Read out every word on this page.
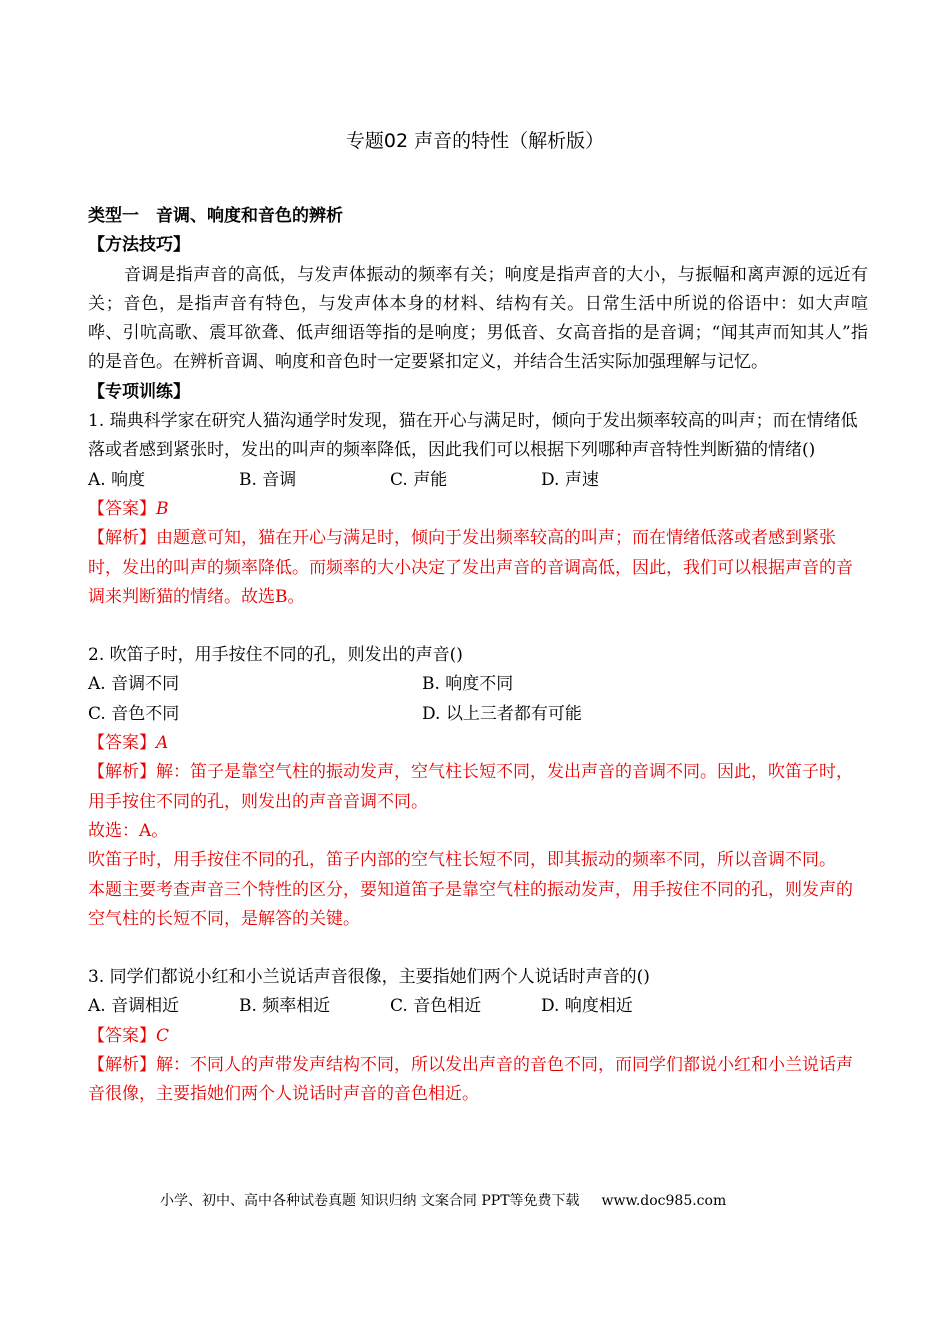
专题02 声音的特性（解析版）
类型一　音调、响度和音色的辨析
【方法技巧】
音调是指声音的高低，与发声体振动的频率有关；响度是指声音的大小，与振幅和离声源的远近有关；音色，是指声音有特色，与发声体本身的材料、结构有关。日常生活中所说的俗语中：如大声喧哗、引吭高歌、震耳欲聋、低声细语等指的是响度；男低音、女高音指的是音调；“闻其声而知其人”指的是音色。在辨析音调、响度和音色时一定要紧扣定义，并结合生活实际加强理解与记忆。
【专项训练】
1. 瑞典科学家在研究人猫沟通学时发现，猫在开心与满足时，倾向于发出频率较高的叫声；而在情绪低落或者感到紧张时，发出的叫声的频率降低，因此我们可以根据下列哪种声音特性判断猫的情绪()
A. 响度	B. 音调	C. 声能	D. 声速
【答案】B
【解析】由题意可知，猫在开心与满足时，倾向于发出频率较高的叫声；而在情绪低落或者感到紧张时，发出的叫声的频率降低。而频率的大小决定了发出声音的音调高低，因此，我们可以根据声音的音调来判断猫的情绪。故选B。
2. 吹笛子时，用手按住不同的孔，则发出的声音()
A. 音调不同	B. 响度不同
C. 音色不同	D. 以上三者都有可能
【答案】A
【解析】解：笛子是靠空气柱的振动发声，空气柱长短不同，发出声音的音调不同。因此，吹笛子时，用手按住不同的孔，则发出的声音音调不同。
故选：A。
吹笛子时，用手按住不同的孔，笛子内部的空气柱长短不同，即其振动的频率不同，所以音调不同。
本题主要考查声音三个特性的区分，要知道笛子是靠空气柱的振动发声，用手按住不同的孔，则发声的空气柱的长短不同，是解答的关键。
3. 同学们都说小红和小兰说话声音很像，主要指她们两个人说话时声音的()
A. 音调相近	B. 频率相近	C. 音色相近	D. 响度相近
【答案】C
【解析】解：不同人的声带发声结构不同，所以发出声音的音色不同，而同学们都说小红和小兰说话声音很像，主要指她们两个人说话时声音的音色相近。
小学、初中、高中各种试卷真题 知识归纳 文案合同 PPT等免费下载 www.doc985.com
